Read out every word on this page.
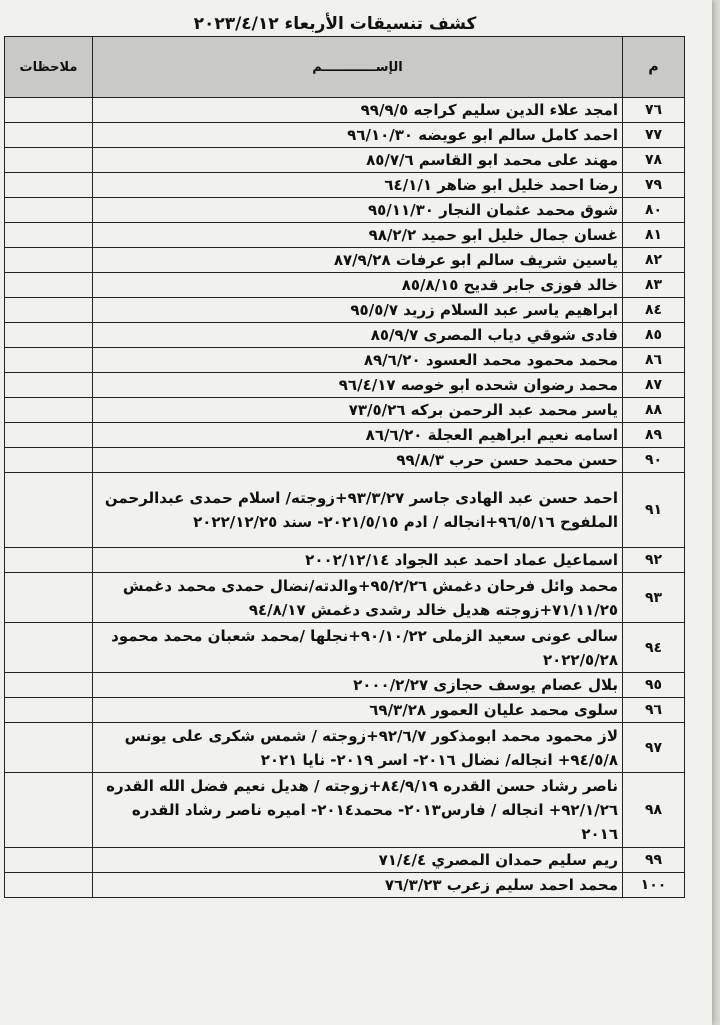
كشف تنسيقات الأربعاء ٢٠٢٣/٤/١٢
م	الإســــــــــــم	ملاحظات
٧٦	امجد علاء الدين سليم كراجه ٩٩/٩/٥	
٧٧	احمد كامل سالم ابو عويضه ٩٦/١٠/٣٠	
٧٨	مهند على محمد ابو القاسم ٨٥/٧/٦	
٧٩	رضا احمد خليل ابو ضاهر ٦٤/١/١	
٨٠	شوق محمد عثمان النجار ٩٥/١١/٣٠	
٨١	غسان جمال خليل ابو حميد ٩٨/٢/٢	
٨٢	ياسين شريف سالم ابو عرفات ٨٧/٩/٢٨	
٨٣	خالد فوزى جابر قديح ٨٥/٨/١٥	
٨٤	ابراهيم ياسر عبد السلام زريد ٩٥/٥/٧	
٨٥	فادى شوقي دياب المصرى ٨٥/٩/٧	
٨٦	محمد محمود محمد العسود ٨٩/٦/٢٠	
٨٧	محمد رضوان شحده ابو خوصه ٩٦/٤/١٧	
٨٨	ياسر محمد عبد الرحمن بركه ٧٣/٥/٢٦	
٨٩	اسامه نعيم ابراهيم العجلة ٨٦/٦/٢٠	
٩٠	حسن محمد حسن حرب ٩٩/٨/٣	
٩١	احمد حسن عبد الهادى جاسر ٩٣/٣/٢٧+زوجته/ اسلام حمدى عبدالرحمن الملفوح ٩٦/٥/١٦+انجاله / ادم ٢٠٢١/٥/١٥- سند ٢٠٢٢/١٢/٢٥	
٩٢	اسماعيل عماد احمد عبد الجواد ٢٠٠٢/١٢/١٤	
٩٣	محمد وائل فرحان دغمش ٩٥/٢/٢٦+والدته/نضال حمدى محمد دغمش ٧١/١١/٢٥+زوجته هديل خالد رشدى دغمش ٩٤/٨/١٧	
٩٤	سالى عونى سعيد الزملى ٩٠/١٠/٢٢+نجلها /محمد شعبان محمد محمود ٢٠٢٢/٥/٢٨	
٩٥	بلال عصام يوسف حجازى ٢٠٠٠/٢/٢٧	
٩٦	سلوى محمد عليان العمور ٦٩/٣/٢٨	
٩٧	لاز محمود محمد ابومذكور ٩٢/٦/٧+زوجته / شمس شكرى على يونس ٩٤/٥/٨+ انجاله/ نضال ٢٠١٦- اسر ٢٠١٩- نايا ٢٠٢١	
٩٨	ناصر رشاد حسن القدره ٨٤/٩/١٩+زوجته / هديل نعيم فضل الله القدره ٩٢/١/٢٦+ انجاله / فارس٢٠١٣- محمد٢٠١٤- اميره ناصر رشاد القدره ٢٠١٦	
٩٩	ريم سليم حمدان المصري ٧١/٤/٤	
١٠٠	محمد احمد سليم زعرب ٧٦/٣/٢٣	
